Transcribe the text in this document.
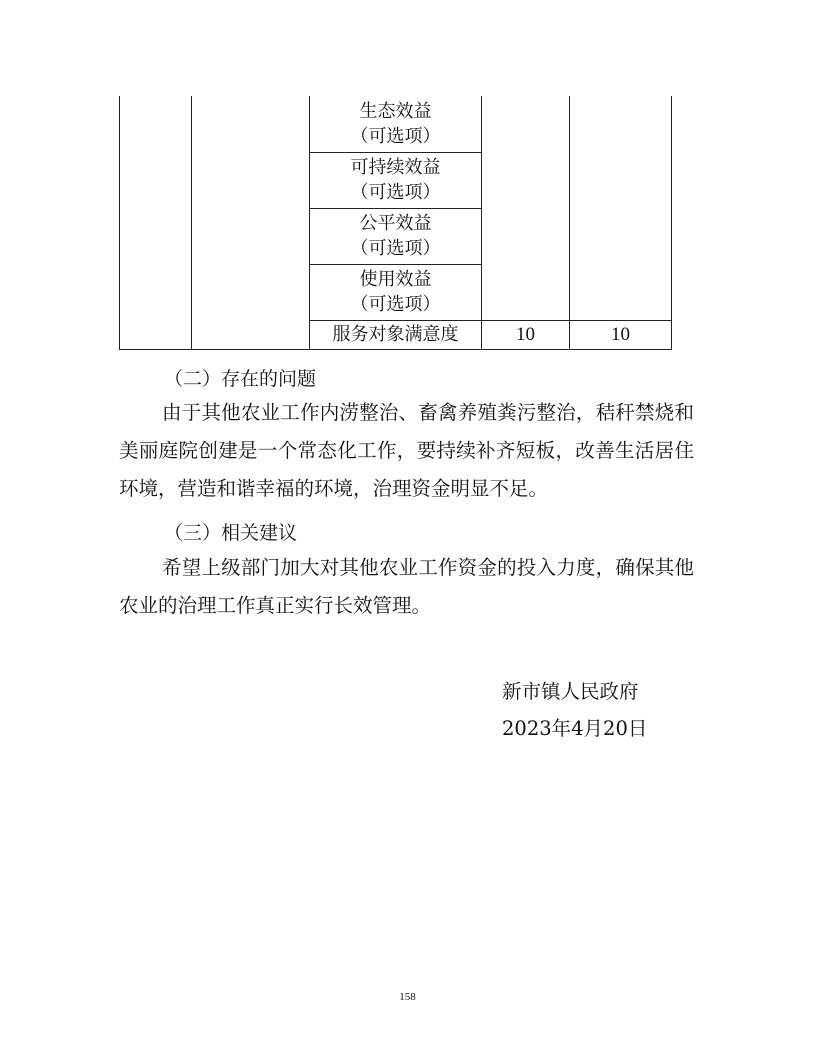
		生态效益
（可选项）		

		可持续效益
（可选项）		

		公平效益
（可选项）		

		使用效益
（可选项）		

		服务对象满意度	10	10
（二）存在的问题

由于其他农业工作内涝整治、畜禽养殖粪污整治，秸秆禁烧和美丽庭院创建是一个常态化工作，要持续补齐短板，改善生活居住环境，营造和谐幸福的环境，治理资金明显不足。

（三）相关建议

希望上级部门加大对其他农业工作资金的投入力度，确保其他农业的治理工作真正实行长效管理。

新市镇人民政府
2023年4月20日
158
